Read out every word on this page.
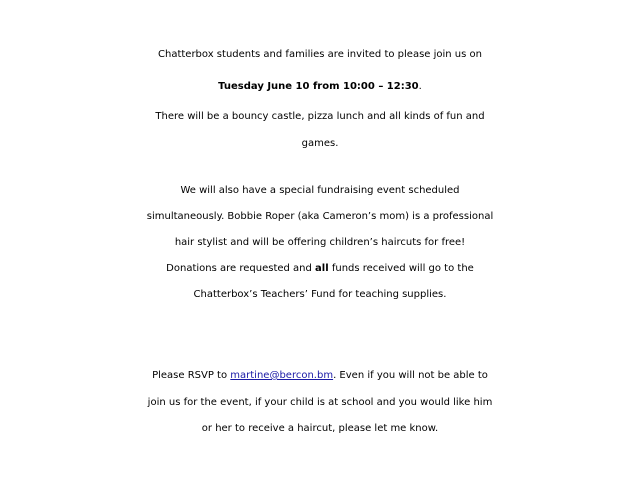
Chatterbox students and families are invited to please join us on
Tuesday June 10 from 10:00 – 12:30.
There will be a bouncy castle, pizza lunch and all kinds of fun and
games.
We will also have a special fundraising event scheduled
simultaneously. Bobbie Roper (aka Cameron’s mom) is a professional
hair stylist and will be offering children’s haircuts for free!
Donations are requested and all funds received will go to the
Chatterbox’s Teachers’ Fund for teaching supplies.
Please RSVP to martine@bercon.bm. Even if you will not be able to
join us for the event, if your child is at school and you would like him
or her to receive a haircut, please let me know.
